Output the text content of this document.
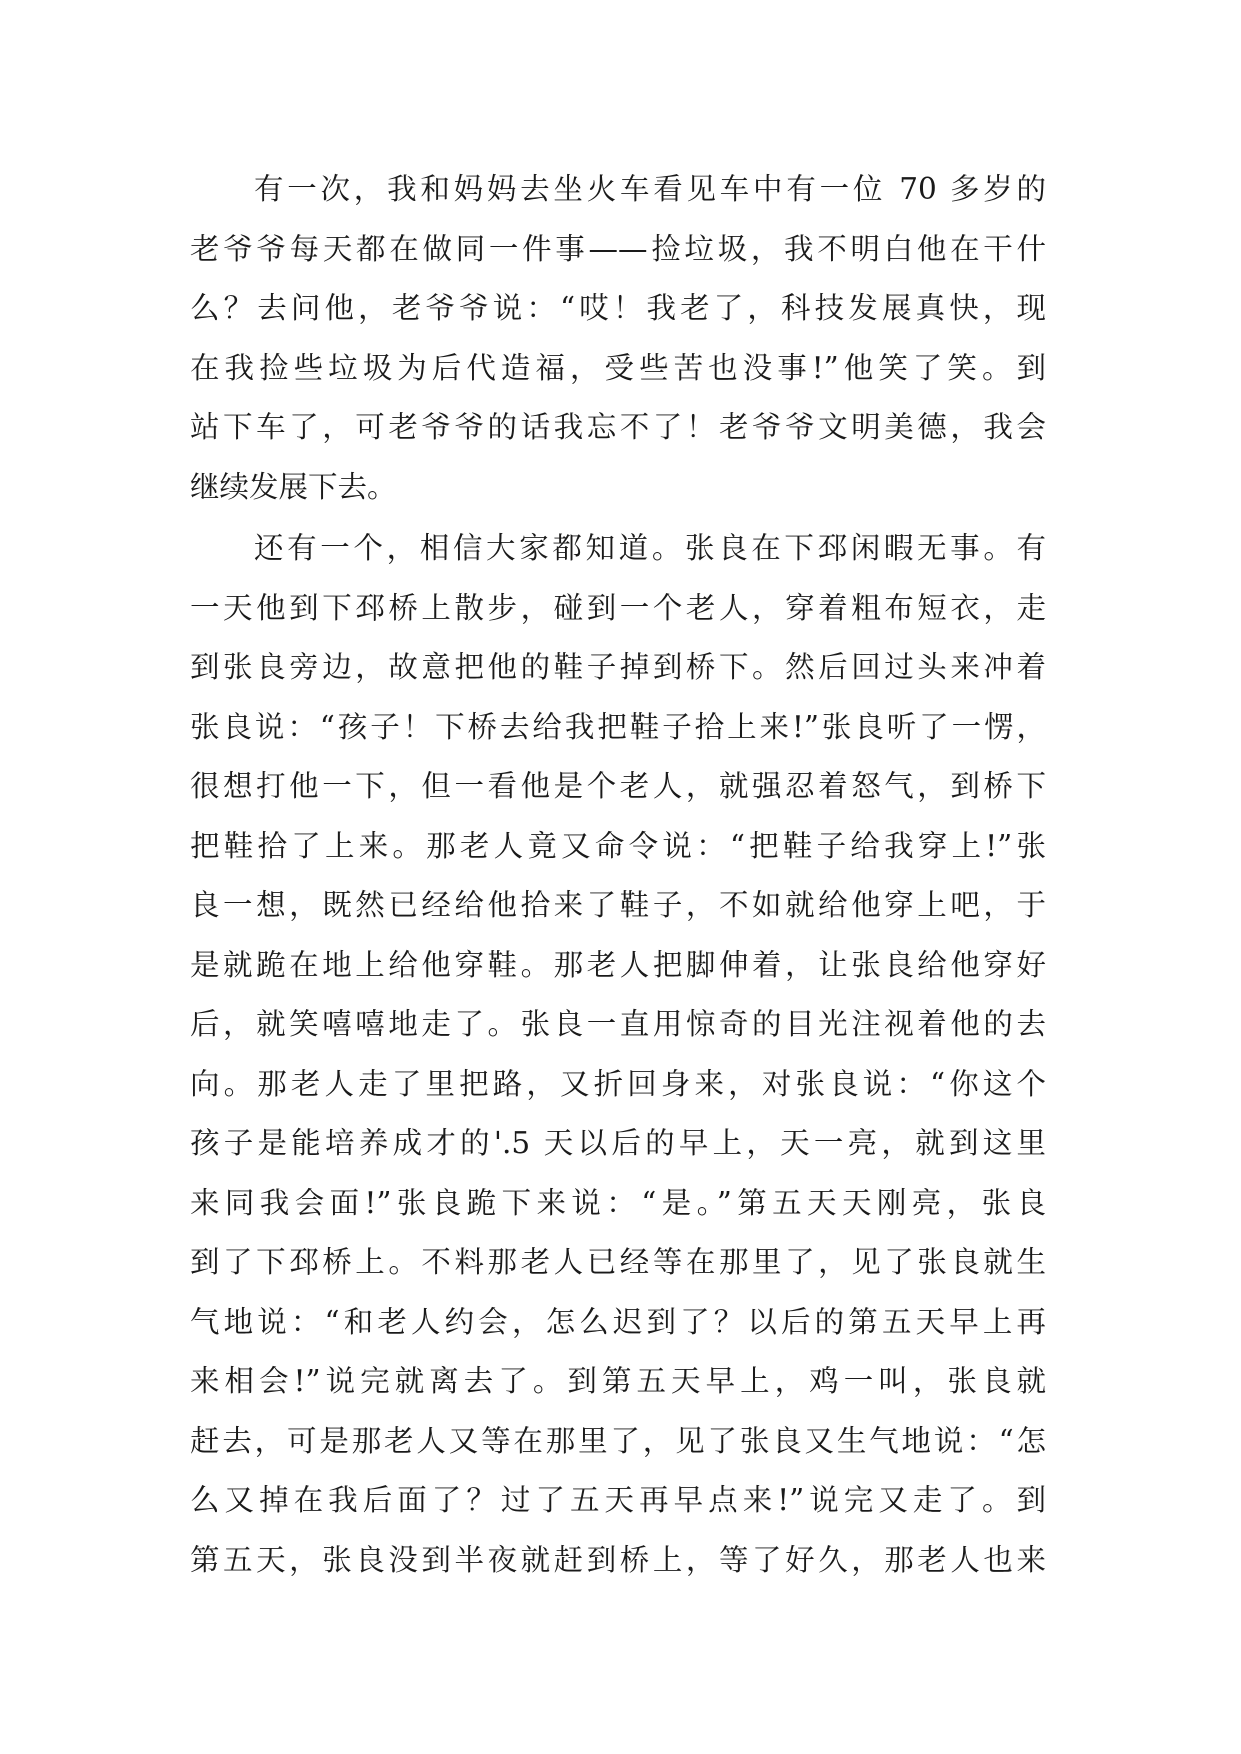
有一次，我和妈妈去坐火车看见车中有一位 70 多岁的
老爷爷每天都在做同一件事——捡垃圾，我不明白他在干什
么？去问他，老爷爷说：“哎！我老了，科技发展真快，现
在我捡些垃圾为后代造福，受些苦也没事!”他笑了笑。到
站下车了，可老爷爷的话我忘不了！老爷爷文明美德，我会
继续发展下去。
还有一个，相信大家都知道。张良在下邳闲暇无事。有
一天他到下邳桥上散步，碰到一个老人，穿着粗布短衣，走
到张良旁边，故意把他的鞋子掉到桥下。然后回过头来冲着
张良说：“孩子！下桥去给我把鞋子拾上来!”张良听了一愣，
很想打他一下，但一看他是个老人，就强忍着怒气，到桥下
把鞋拾了上来。那老人竟又命令说：“把鞋子给我穿上!”张
良一想，既然已经给他拾来了鞋子，不如就给他穿上吧，于
是就跪在地上给他穿鞋。那老人把脚伸着，让张良给他穿好
后，就笑嘻嘻地走了。张良一直用惊奇的目光注视着他的去
向。那老人走了里把路，又折回身来，对张良说：“你这个
孩子是能培养成才的'.5 天以后的早上，天一亮，就到这里
来同我会面!”张良跪下来说：“是。”第五天天刚亮，张良
到了下邳桥上。不料那老人已经等在那里了，见了张良就生
气地说：“和老人约会，怎么迟到了？以后的第五天早上再
来相会!”说完就离去了。到第五天早上，鸡一叫，张良就
赶去，可是那老人又等在那里了，见了张良又生气地说：“怎
么又掉在我后面了？过了五天再早点来!”说完又走了。到
第五天，张良没到半夜就赶到桥上，等了好久，那老人也来
